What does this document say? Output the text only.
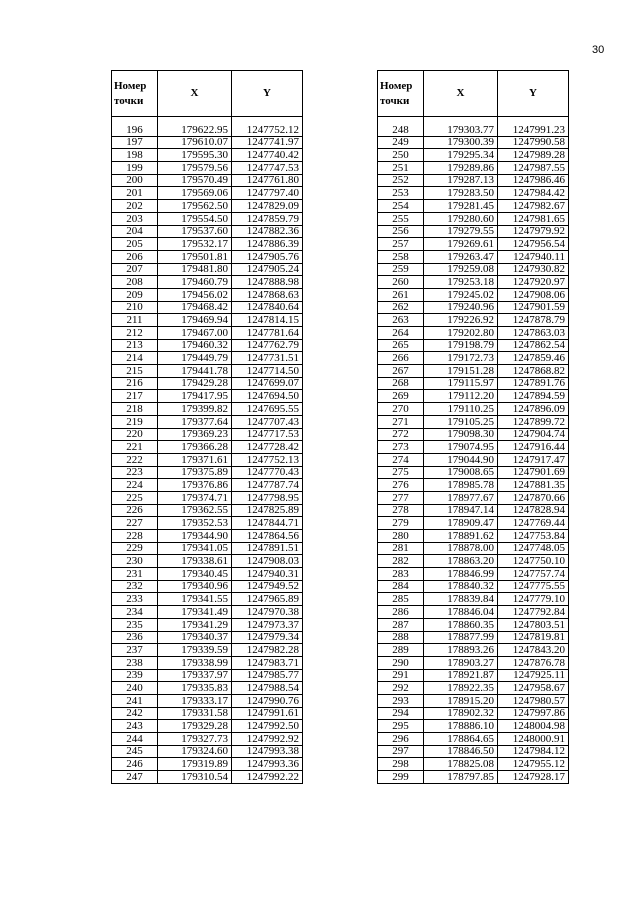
30
Номер точки	X	Y

196	179622.95	1247752.12
197	179610.07	1247741.97
198	179595.30	1247740.42
199	179579.56	1247747.53
200	179570.49	1247761.80
201	179569.06	1247797.40
202	179562.50	1247829.09
203	179554.50	1247859.79
204	179537.60	1247882.36
205	179532.17	1247886.39
206	179501.81	1247905.76
207	179481.80	1247905.24
208	179460.79	1247888.98
209	179456.02	1247868.63
210	179468.42	1247840.64
211	179469.94	1247814.15
212	179467.00	1247781.64
213	179460.32	1247762.79
214	179449.79	1247731.51
215	179441.78	1247714.50
216	179429.28	1247699.07
217	179417.95	1247694.50
218	179399.82	1247695.55
219	179377.64	1247707.43
220	179369.23	1247717.53
221	179366.28	1247728.42
222	179371.61	1247752.13
223	179375.89	1247770.43
224	179376.86	1247787.74
225	179374.71	1247798.95
226	179362.55	1247825.89
227	179352.53	1247844.71
228	179344.90	1247864.56
229	179341.05	1247891.51
230	179338.61	1247908.03
231	179340.45	1247940.31
232	179340.96	1247949.52
233	179341.55	1247965.89
234	179341.49	1247970.38
235	179341.29	1247973.37
236	179340.37	1247979.34
237	179339.59	1247982.28
238	179338.99	1247983.71
239	179337.97	1247985.77
240	179335.83	1247988.54
241	179333.17	1247990.76
242	179331.58	1247991.61
243	179329.28	1247992.50
244	179327.73	1247992.92
245	179324.60	1247993.38
246	179319.89	1247993.36
247	179310.54	1247992.22
Номер точки	X	Y

248	179303.77	1247991.23
249	179300.39	1247990.58
250	179295.34	1247989.28
251	179289.86	1247987.55
252	179287.13	1247986.46
253	179283.50	1247984.42
254	179281.45	1247982.67
255	179280.60	1247981.65
256	179279.55	1247979.92
257	179269.61	1247956.54
258	179263.47	1247940.11
259	179259.08	1247930.82
260	179253.18	1247920.97
261	179245.02	1247908.06
262	179240.96	1247901.59
263	179226.92	1247878.79
264	179202.80	1247863.03
265	179198.79	1247862.54
266	179172.73	1247859.46
267	179151.28	1247868.82
268	179115.97	1247891.76
269	179112.20	1247894.59
270	179110.25	1247896.09
271	179105.25	1247899.72
272	179098.30	1247904.74
273	179074.95	1247916.44
274	179044.90	1247917.47
275	179008.65	1247901.69
276	178985.78	1247881.35
277	178977.67	1247870.66
278	178947.14	1247828.94
279	178909.47	1247769.44
280	178891.62	1247753.84
281	178878.00	1247748.05
282	178863.20	1247750.10
283	178846.99	1247757.74
284	178840.32	1247775.55
285	178839.84	1247779.10
286	178846.04	1247792.84
287	178860.35	1247803.51
288	178877.99	1247819.81
289	178893.26	1247843.20
290	178903.27	1247876.78
291	178921.87	1247925.11
292	178922.35	1247958.67
293	178915.20	1247980.57
294	178902.32	1247997.86
295	178886.10	1248004.98
296	178864.65	1248000.91
297	178846.50	1247984.12
298	178825.08	1247955.12
299	178797.85	1247928.17
